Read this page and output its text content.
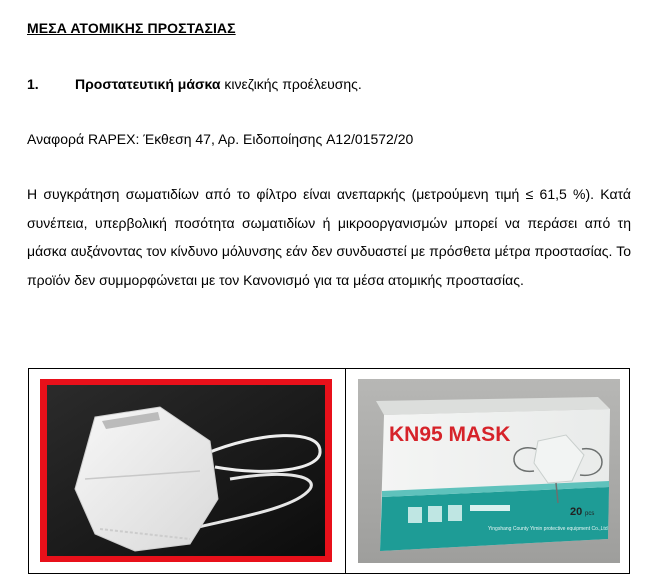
ΜΕΣΑ ΑΤΟΜΙΚΗΣ ΠΡΟΣΤΑΣΙΑΣ
1.	Προστατευτική μάσκα κινεζικής προέλευσης.
Αναφορά RAPEX: Έκθεση 47, Αρ. Ειδοποίησης A12/01572/20

Η συγκράτηση σωματιδίων από το φίλτρο είναι ανεπαρκής (μετρούμενη τιμή ≤ 61,5 %). Κατά συνέπεια, υπερβολική ποσότητα σωματιδίων ή μικροοργανισμών μπορεί να περάσει από τη μάσκα αυξάνοντας τον κίνδυνο μόλυνσης εάν δεν συνδυαστεί με πρόσθετα μέτρα προστασίας. Το προϊόν δεν συμμορφώνεται με τον Κανονισμό για τα μέσα ατομικής προστασίας.

KN95 MASK
20 pcs
Yingshang County Yimin protective equipment Co.,Ltd
